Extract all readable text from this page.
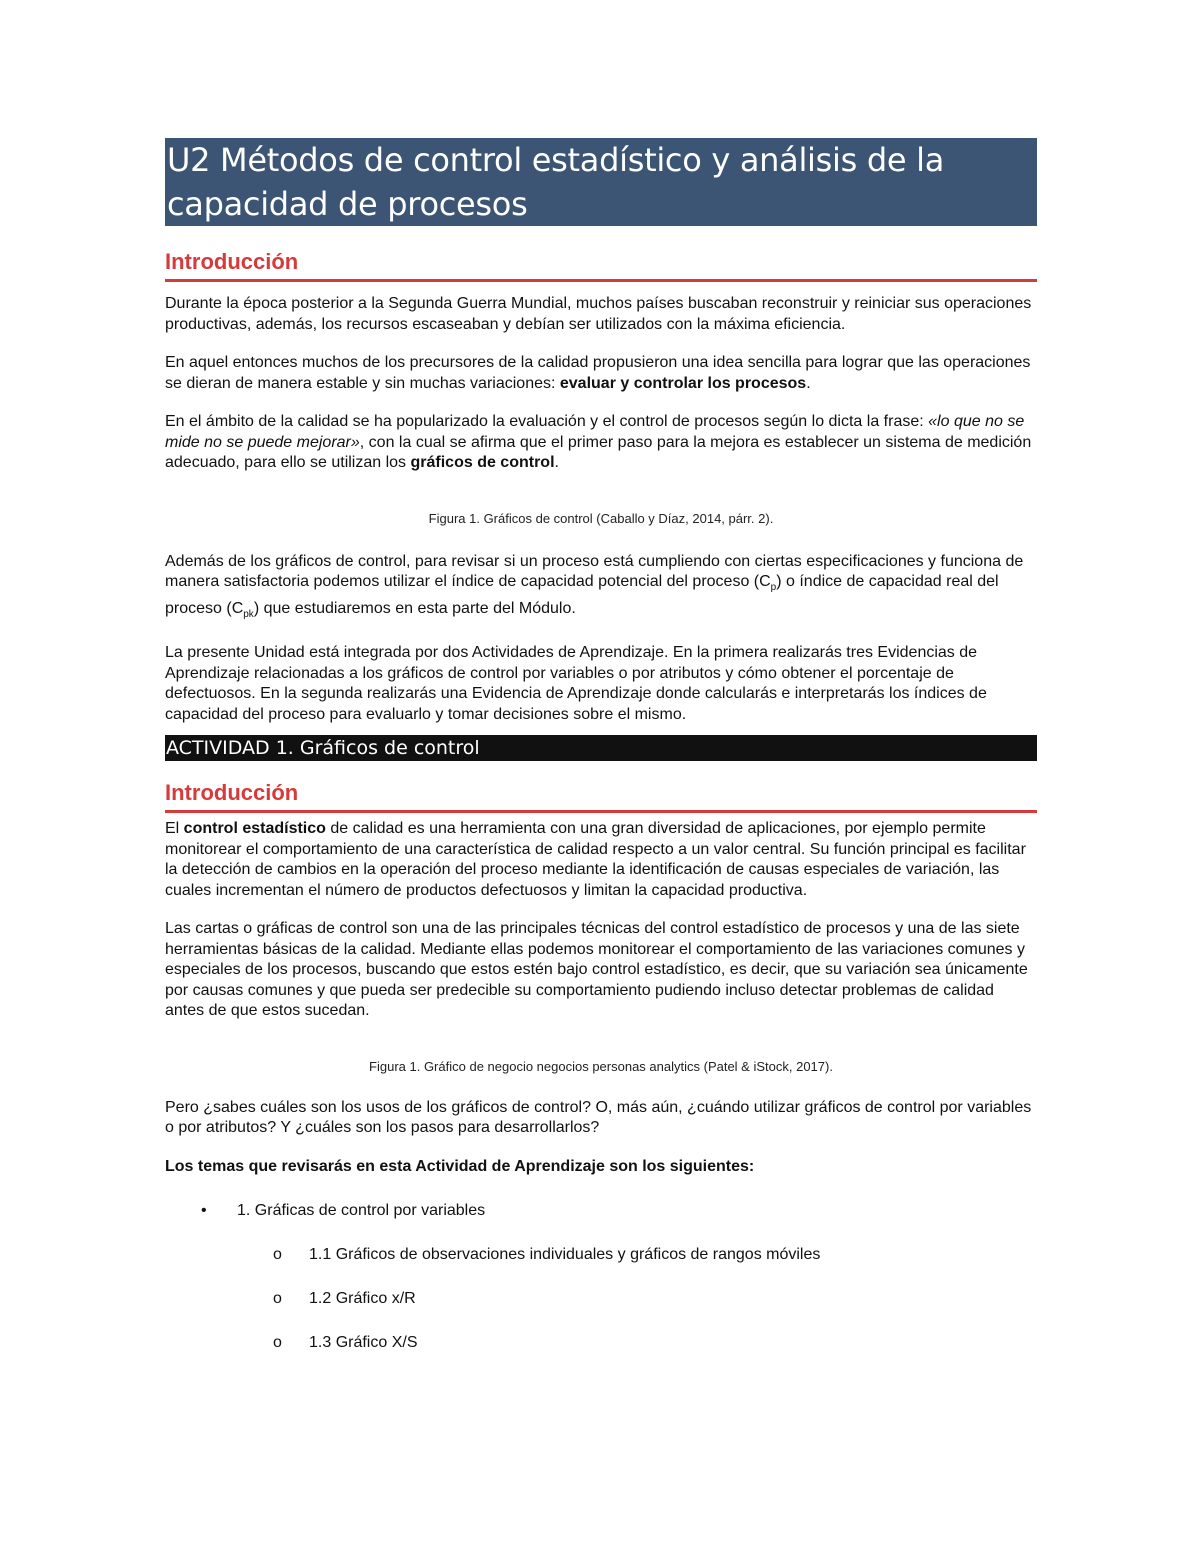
U2 Métodos de control estadístico y análisis de la
capacidad de procesos
Introducción

Durante la época posterior a la Segunda Guerra Mundial, muchos países buscaban reconstruir y reiniciar sus operaciones productivas, además, los recursos escaseaban y debían ser utilizados con la máxima eficiencia.

En aquel entonces muchos de los precursores de la calidad propusieron una idea sencilla para lograr que las operaciones se dieran de manera estable y sin muchas variaciones: evaluar y controlar los procesos.

En el ámbito de la calidad se ha popularizado la evaluación y el control de procesos según lo dicta la frase: «lo que no se mide no se puede mejorar», con la cual se afirma que el primer paso para la mejora es establecer un sistema de medición adecuado, para ello se utilizan los gráficos de control.

Figura 1. Gráficos de control (Caballo y Díaz, 2014, párr. 2).

Además de los gráficos de control, para revisar si un proceso está cumpliendo con ciertas especificaciones y funciona de manera satisfactoria podemos utilizar el índice de capacidad potencial del proceso $(C_p)$ o índice de capacidad real del proceso $(C_{pk})$ que estudiaremos en esta parte del Módulo.

La presente Unidad está integrada por dos Actividades de Aprendizaje. En la primera realizarás tres Evidencias de Aprendizaje relacionadas a los gráficos de control por variables o por atributos y cómo obtener el porcentaje de defectuosos. En la segunda realizarás una Evidencia de Aprendizaje donde calcularás e interpretarás los índices de capacidad del proceso para evaluarlo y tomar decisiones sobre el mismo.

ACTIVIDAD 1. Gráficos de control
Introducción

El control estadístico de calidad es una herramienta con una gran diversidad de aplicaciones, por ejemplo permite monitorear el comportamiento de una característica de calidad respecto a un valor central. Su función principal es facilitar la detección de cambios en la operación del proceso mediante la identificación de causas especiales de variación, las cuales incrementan el número de productos defectuosos y limitan la capacidad productiva.

Las cartas o gráficas de control son una de las principales técnicas del control estadístico de procesos y una de las siete herramientas básicas de la calidad. Mediante ellas podemos monitorear el comportamiento de las variaciones comunes y especiales de los procesos, buscando que estos estén bajo control estadístico, es decir, que su variación sea únicamente por causas comunes y que pueda ser predecible su comportamiento pudiendo incluso detectar problemas de calidad antes de que estos sucedan.

Figura 1. Gráfico de negocio negocios personas analytics (Patel & iStock, 2017).

Pero ¿sabes cuáles son los usos de los gráficos de control? O, más aún, ¿cuándo utilizar gráficos de control por variables o por atributos? Y ¿cuáles son los pasos para desarrollarlos?

Los temas que revisarás en esta Actividad de Aprendizaje son los siguientes:

• 1. Gráficas de control por variables
o 1.1 Gráficos de observaciones individuales y gráficos de rangos móviles
o 1.2 Gráfico x/R
o 1.3 Gráfico X/S
